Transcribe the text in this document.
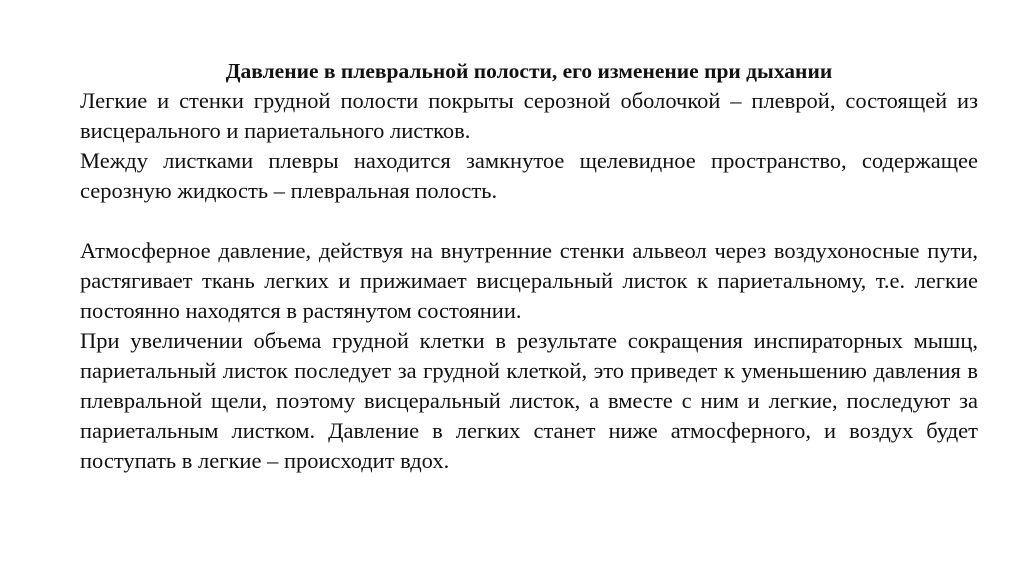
Давление в плевральной полости, его изменение при дыхании

Легкие и стенки грудной полости покрыты серозной оболочкой – плеврой, состоящей из висцерального и париетального листков.

Между листками плевры находится замкнутое щелевидное пространство, содержащее серозную жидкость – плевральная полость.

Атмосферное давление, действуя на внутренние стенки альвеол через воздухоносные пути, растягивает ткань легких и прижимает висцеральный листок к париетальному, т.е. легкие постоянно находятся в растянутом состоянии.

При увеличении объема грудной клетки в результате сокращения инспираторных мышц, париетальный листок последует за грудной клеткой, это приведет к уменьшению давления в плевральной щели, поэтому висцеральный листок, а вместе с ним и легкие, последуют за париетальным листком. Давление в легких станет ниже атмосферного, и воздух будет поступать в легкие – происходит вдох.
